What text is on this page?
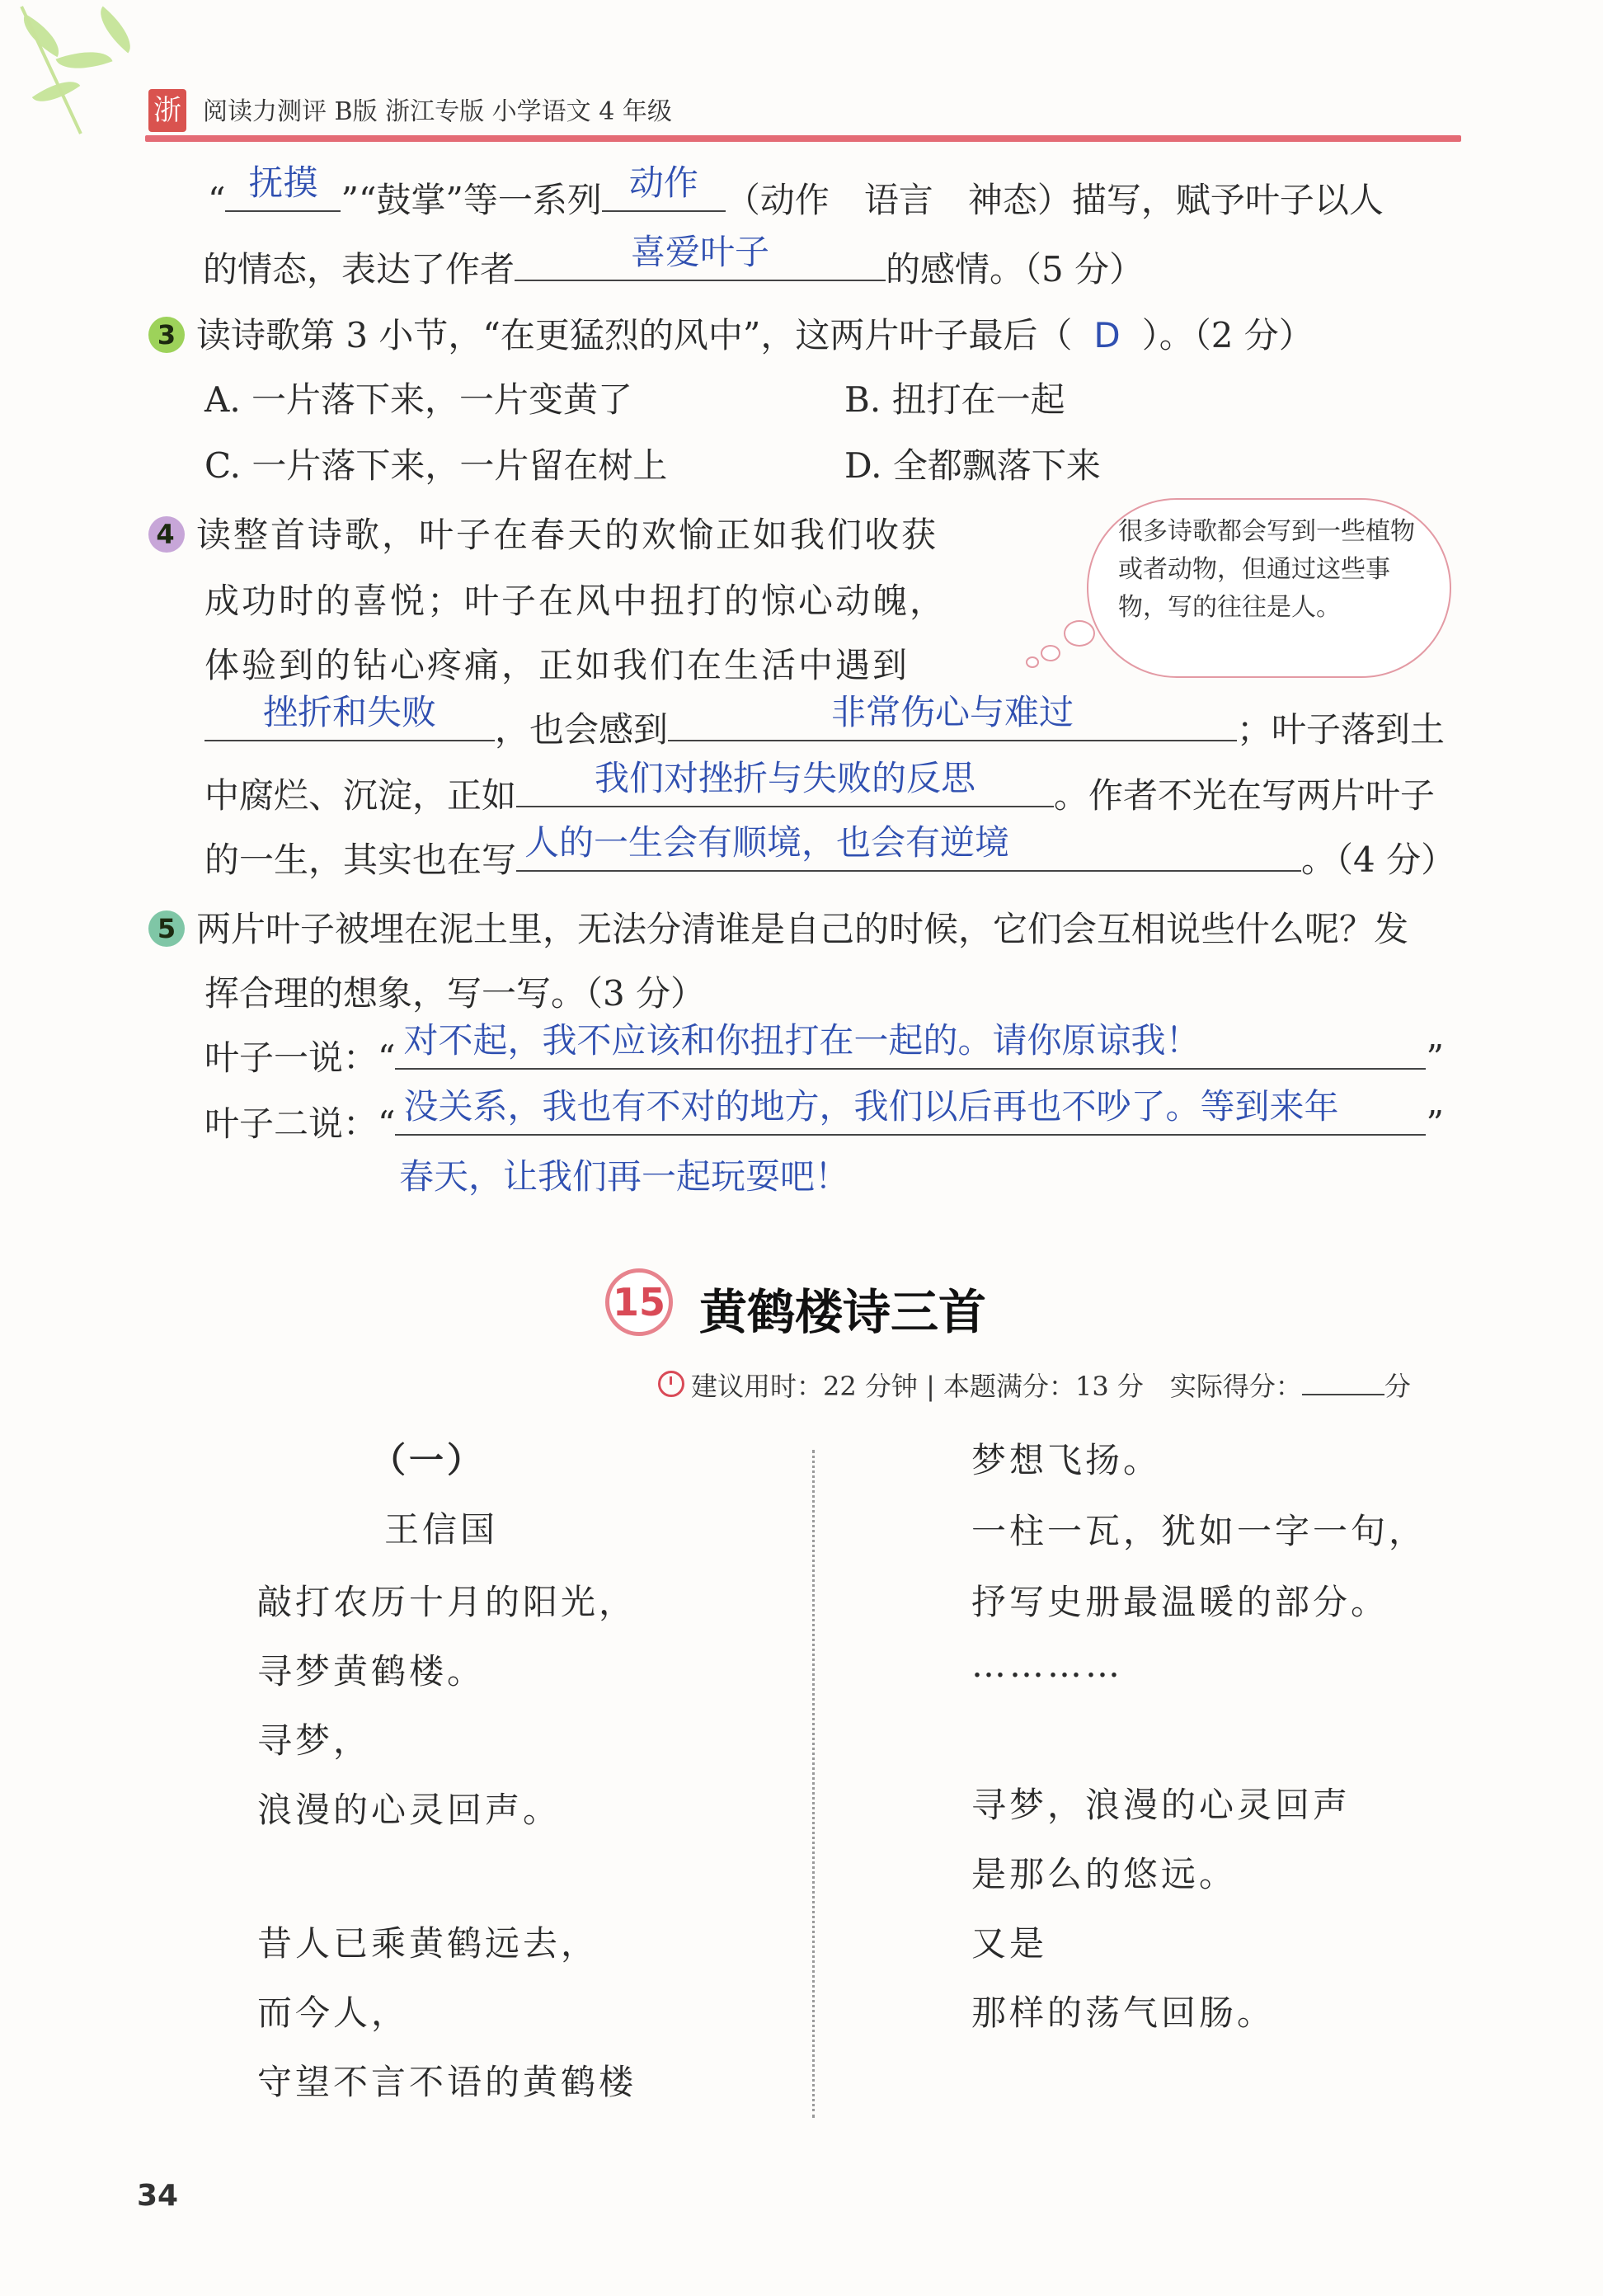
浙 阅读力测评 B版 浙江专版 小学语文 4 年级
“ 抚摸 ”“鼓掌”等一系列 动作 （动作　语言　神态）描写，赋予叶子以人
的情态，表达了作者	喜爱叶子	的感情。（5 分）
3 读诗歌第 3 小节，“在更猛烈的风中”，这两片叶子最后（ D ）。（2 分）
A. 一片落下来，一片变黄了	B. 扭打在一起
C. 一片落下来，一片留在树上	D. 全都飘落下来
4 读整首诗歌，叶子在春天的欢愉正如我们收获
成功时的喜悦；叶子在风中扭打的惊心动魄，
体验到的钻心疼痛，正如我们在生活中遇到
很多诗歌都会写到一些植物或者动物，但通过这些事物，写的往往是人。
挫折和失败	，也会感到	非常伤心与难过	；叶子落到土
中腐烂、沉淀，正如	我们对挫折与失败的反思	。作者不光在写两片叶子
的一生，其实也在写 人的一生会有顺境，也会有逆境	。（4 分）
5 两片叶子被埋在泥土里，无法分清谁是自己的时候，它们会互相说些什么呢？发
挥合理的想象，写一写。（3 分）
叶子一说：“ 对不起，我不应该和你扭打在一起的。请你原谅我！	”
叶子二说：“ 没关系，我也有不对的地方，我们以后再也不吵了。等到来年	”
春天，让我们再一起玩耍吧！
15 黄鹤楼诗三首
建议用时：22 分钟 | 本题满分：13 分　实际得分：	分
（一）
王信国
敲打农历十月的阳光，
寻梦黄鹤楼。
寻梦，
浪漫的心灵回声。
昔人已乘黄鹤远去，
而今人，
守望不言不语的黄鹤楼
梦想飞扬。
一柱一瓦，犹如一字一句，
抒写史册最温暖的部分。
…………
寻梦，浪漫的心灵回声
是那么的悠远。
又是
那样的荡气回肠。
34
